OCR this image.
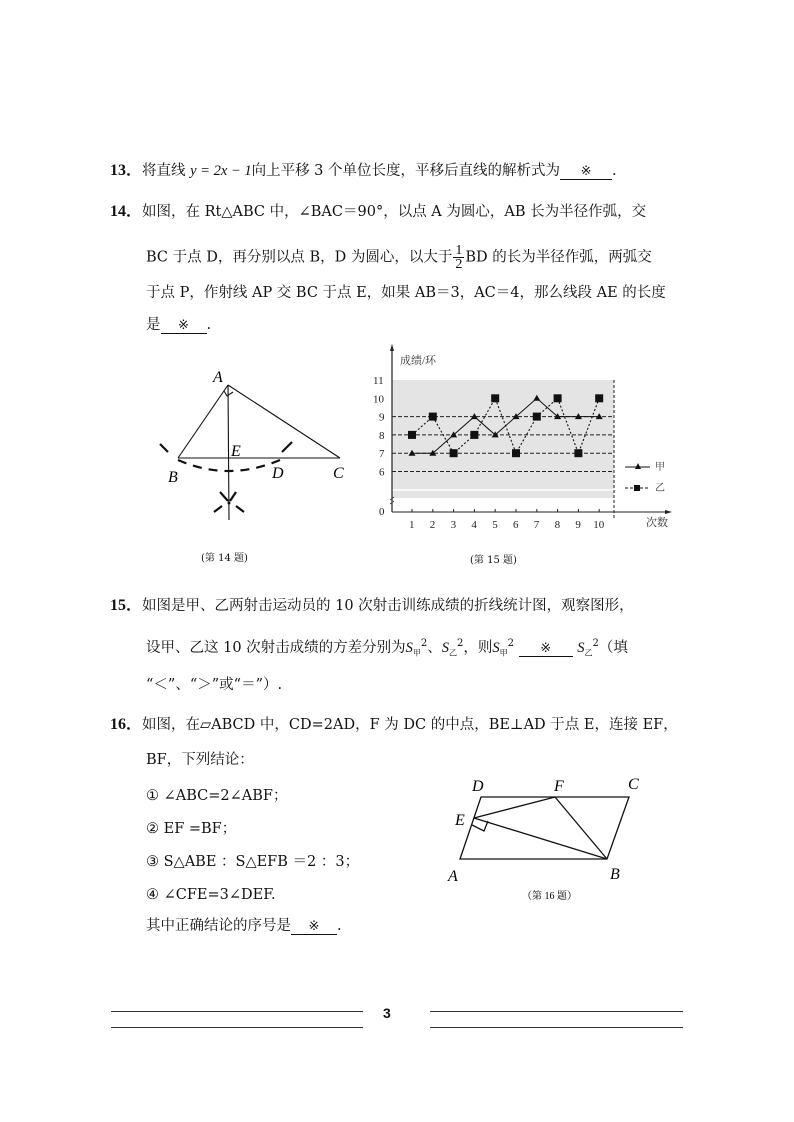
13．将直线 y = 2x − 1向上平移 3 个单位长度，平移后直线的解析式为 ※ .
14．如图，在 Rt△ABC 中，∠BAC＝90°，以点 A 为圆心，AB 长为半径作弧，交
BC 于点 D，再分别以点 B，D 为圆心，以大于 $\frac{1}{2}$ BD 的长为半径作弧，两弧交
于点 P，作射线 AP 交 BC 于点 E，如果 AB＝3，AC＝4，那么线段 AE 的长度
是 ※ .
A
B	C
D
E
(第 14 题)
0
6
7
8
9
10
11
1 2 3 4 5 6 7 8 9 10
成绩/环
次数
甲
乙
(第 15 题)
15．如图是甲、乙两射击运动员的 10 次射击训练成绩的折线统计图，观察图形，
设甲、乙这 10 次射击成绩的方差分别为$S_甲^2$、$S_乙^2$，则$S_甲^2$ ※ $S_乙^2$（填
“＜”、“＞”或“＝”）.
16．如图，在▱ABCD 中，CD=2AD，F 为 DC 的中点，BE⊥AD 于点 E，连接 EF，
BF，下列结论：
① ∠ABC=2∠ABF；
② EF =BF；
③ S△ABE ：S△EFB ＝2 ：3；
④ ∠CFE=3∠DEF.
其中正确结论的序号是 ※ .
D	F	C
E
A	B
（第 16 题）
3
